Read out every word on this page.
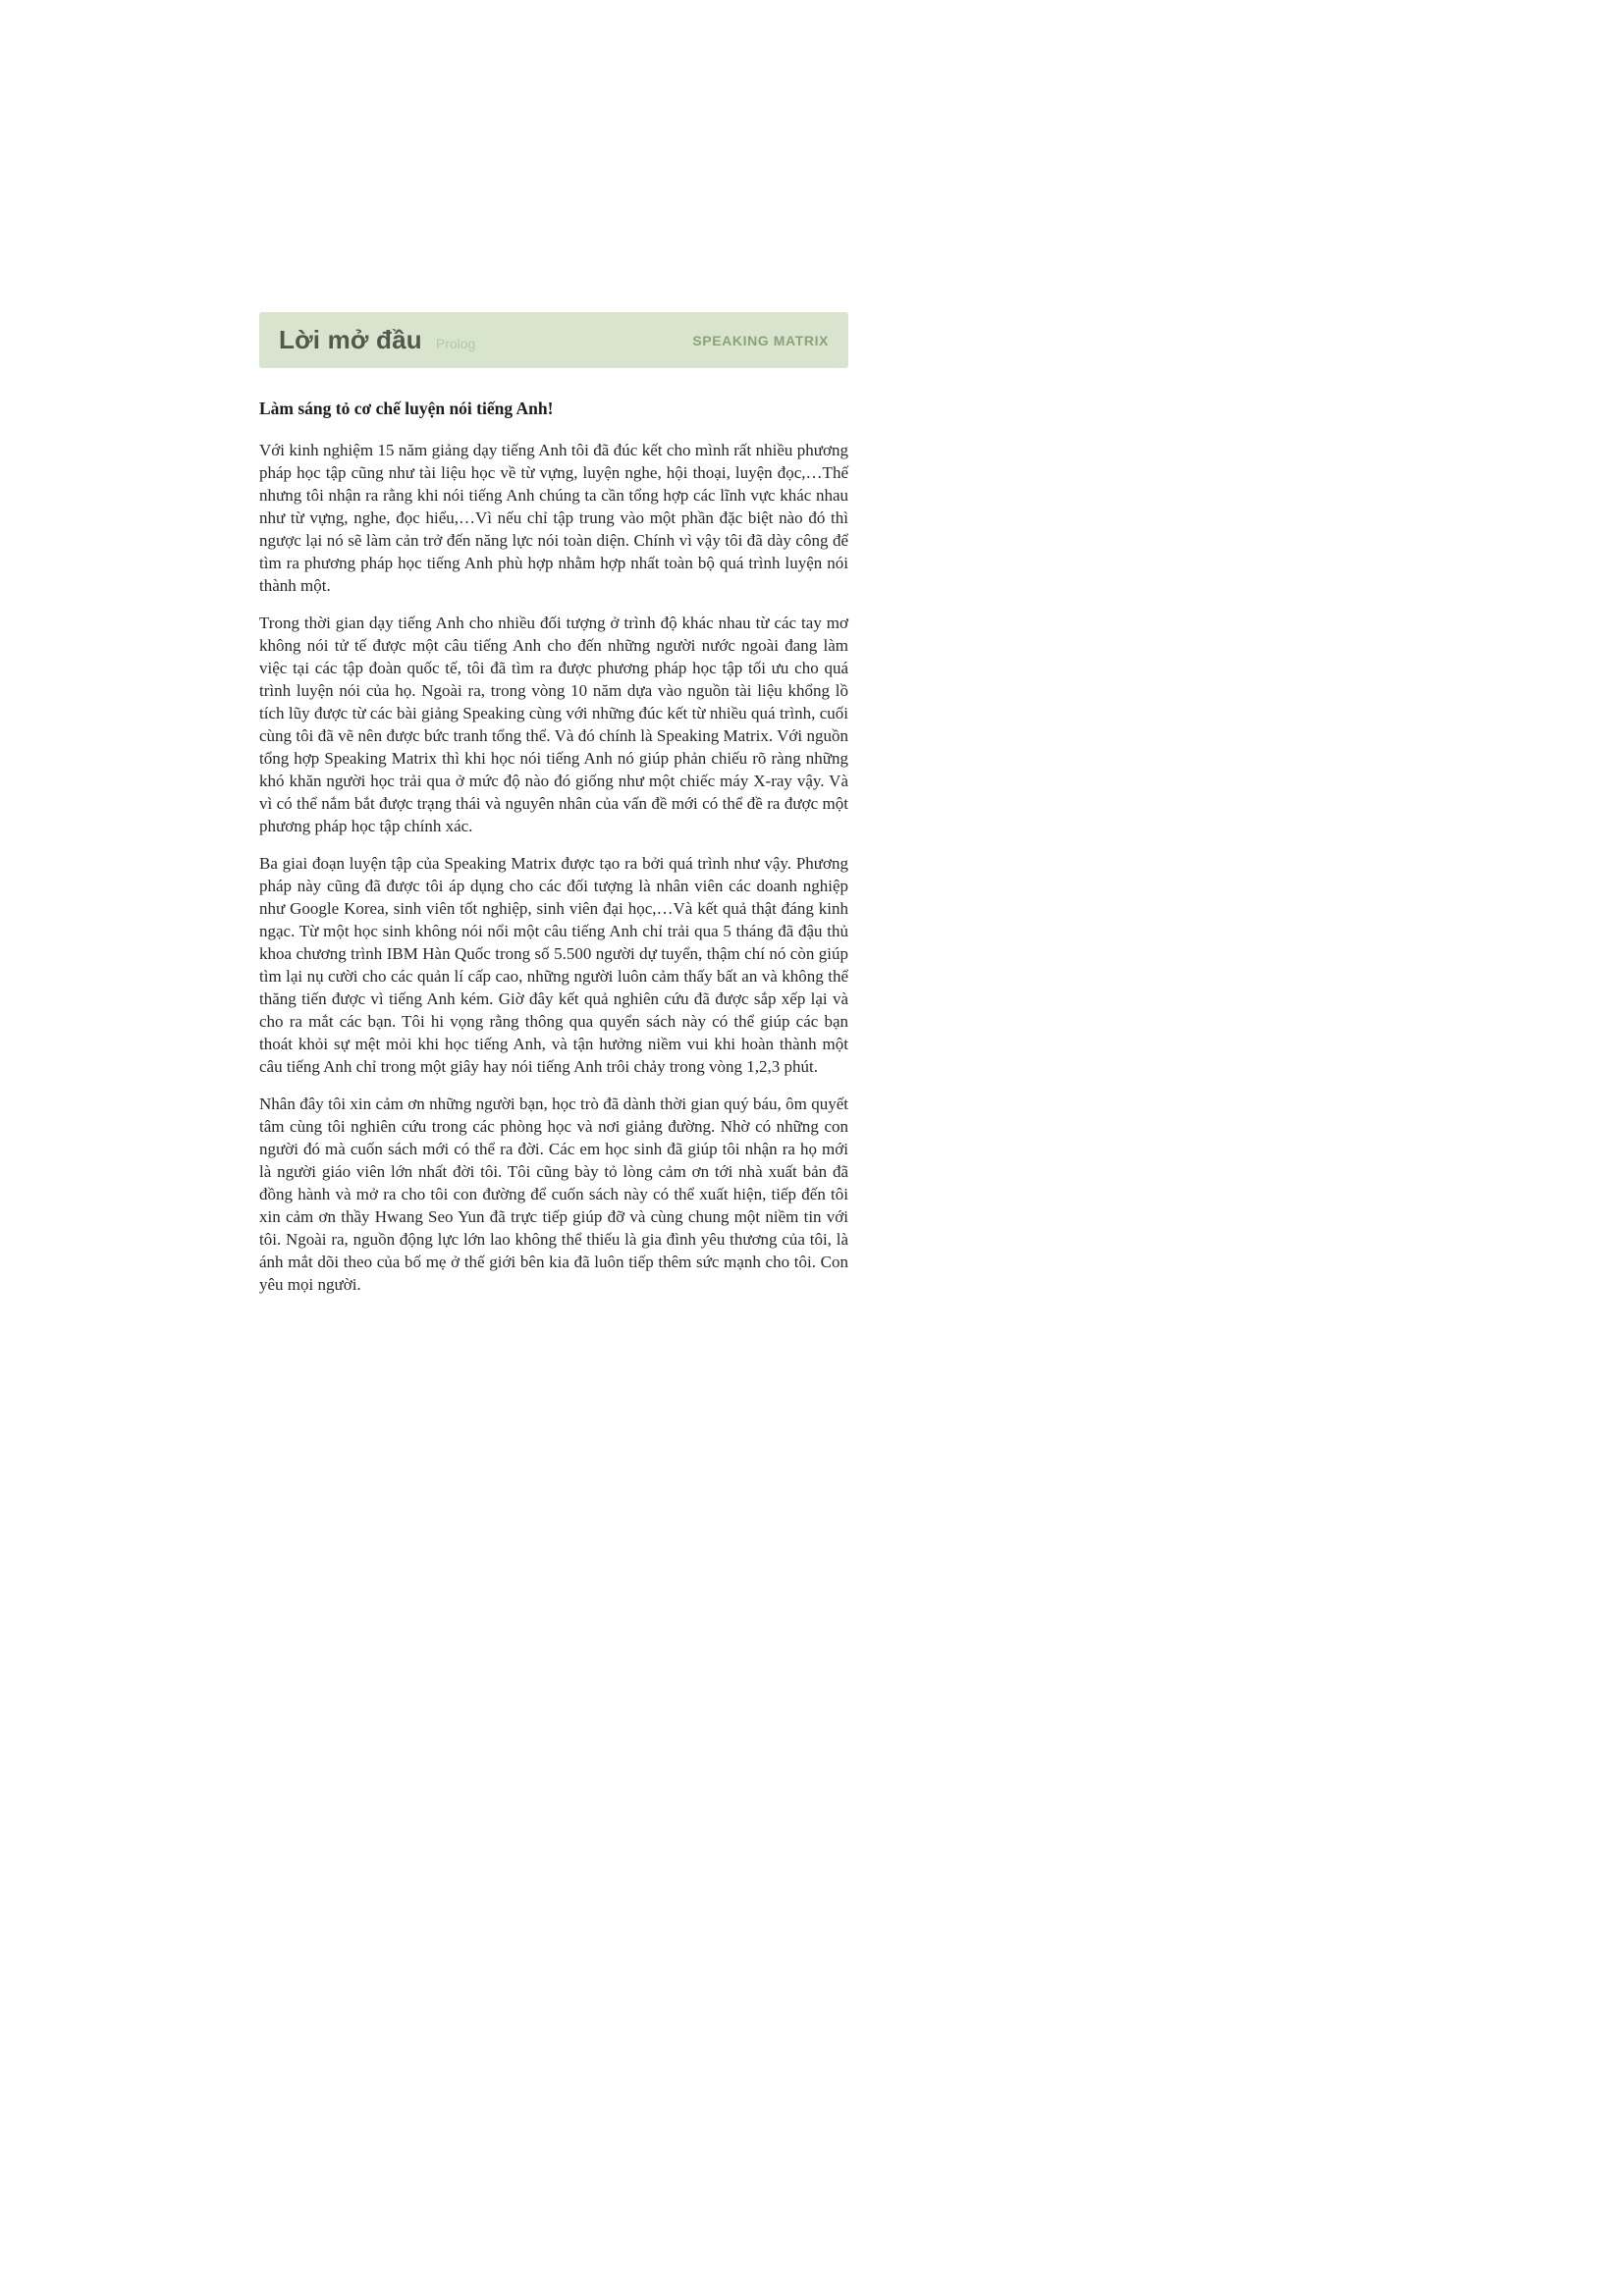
Lời mở đầu Prolog	SPEAKING MATRIX
Làm sáng tỏ cơ chế luyện nói tiếng Anh!

Với kinh nghiệm 15 năm giảng dạy tiếng Anh tôi đã đúc kết cho mình rất nhiều phương pháp học tập cũng như tài liệu học về từ vựng, luyện nghe, hội thoại, luyện đọc,…Thế nhưng tôi nhận ra rằng khi nói tiếng Anh chúng ta cần tổng hợp các lĩnh vực khác nhau như từ vựng, nghe, đọc hiểu,…Vì nếu chỉ tập trung vào một phần đặc biệt nào đó thì ngược lại nó sẽ làm cản trở đến năng lực nói toàn diện. Chính vì vậy tôi đã dày công để tìm ra phương pháp học tiếng Anh phù hợp nhằm hợp nhất toàn bộ quá trình luyện nói thành một.

Trong thời gian dạy tiếng Anh cho nhiều đối tượng ở trình độ khác nhau từ các tay mơ không nói tử tế được một câu tiếng Anh cho đến những người nước ngoài đang làm việc tại các tập đoàn quốc tế, tôi đã tìm ra được phương pháp học tập tối ưu cho quá trình luyện nói của họ. Ngoài ra, trong vòng 10 năm dựa vào nguồn tài liệu khổng lồ tích lũy được từ các bài giảng Speaking cùng với những đúc kết từ nhiều quá trình, cuối cùng tôi đã vẽ nên được bức tranh tổng thể. Và đó chính là Speaking Matrix. Với nguồn tổng hợp Speaking Matrix thì khi học nói tiếng Anh nó giúp phản chiếu rõ ràng những khó khăn người học trải qua ở mức độ nào đó giống như một chiếc máy X-ray vậy. Và vì có thể nắm bắt được trạng thái và nguyên nhân của vấn đề mới có thể đề ra được một phương pháp học tập chính xác.

Ba giai đoạn luyện tập của Speaking Matrix được tạo ra bởi quá trình như vậy. Phương pháp này cũng đã được tôi áp dụng cho các đối tượng là nhân viên các doanh nghiệp như Google Korea, sinh viên tốt nghiệp, sinh viên đại học,…Và kết quả thật đáng kinh ngạc. Từ một học sinh không nói nổi một câu tiếng Anh chỉ trải qua 5 tháng đã đậu thủ khoa chương trình IBM Hàn Quốc trong số 5.500 người dự tuyển, thậm chí nó còn giúp tìm lại nụ cười cho các quản lí cấp cao, những người luôn cảm thấy bất an và không thể thăng tiến được vì tiếng Anh kém. Giờ đây kết quả nghiên cứu đã được sắp xếp lại và cho ra mắt các bạn. Tôi hi vọng rằng thông qua quyển sách này có thể giúp các bạn thoát khỏi sự mệt mỏi khi học tiếng Anh, và tận hưởng niềm vui khi hoàn thành một câu tiếng Anh chỉ trong một giây hay nói tiếng Anh trôi chảy trong vòng 1,2,3 phút.

Nhân đây tôi xin cảm ơn những người bạn, học trò đã dành thời gian quý báu, ôm quyết tâm cùng tôi nghiên cứu trong các phòng học và nơi giảng đường. Nhờ có những con người đó mà cuốn sách mới có thể ra đời. Các em học sinh đã giúp tôi nhận ra họ mới là người giáo viên lớn nhất đời tôi. Tôi cũng bày tỏ lòng cảm ơn tới nhà xuất bản đã đồng hành và mở ra cho tôi con đường để cuốn sách này có thể xuất hiện, tiếp đến tôi xin cảm ơn thầy Hwang Seo Yun đã trực tiếp giúp đỡ và cùng chung một niềm tin với tôi. Ngoài ra, nguồn động lực lớn lao không thể thiếu là gia đình yêu thương của tôi, là ánh mắt dõi theo của bố mẹ ở thế giới bên kia đã luôn tiếp thêm sức mạnh cho tôi. Con yêu mọi người.
